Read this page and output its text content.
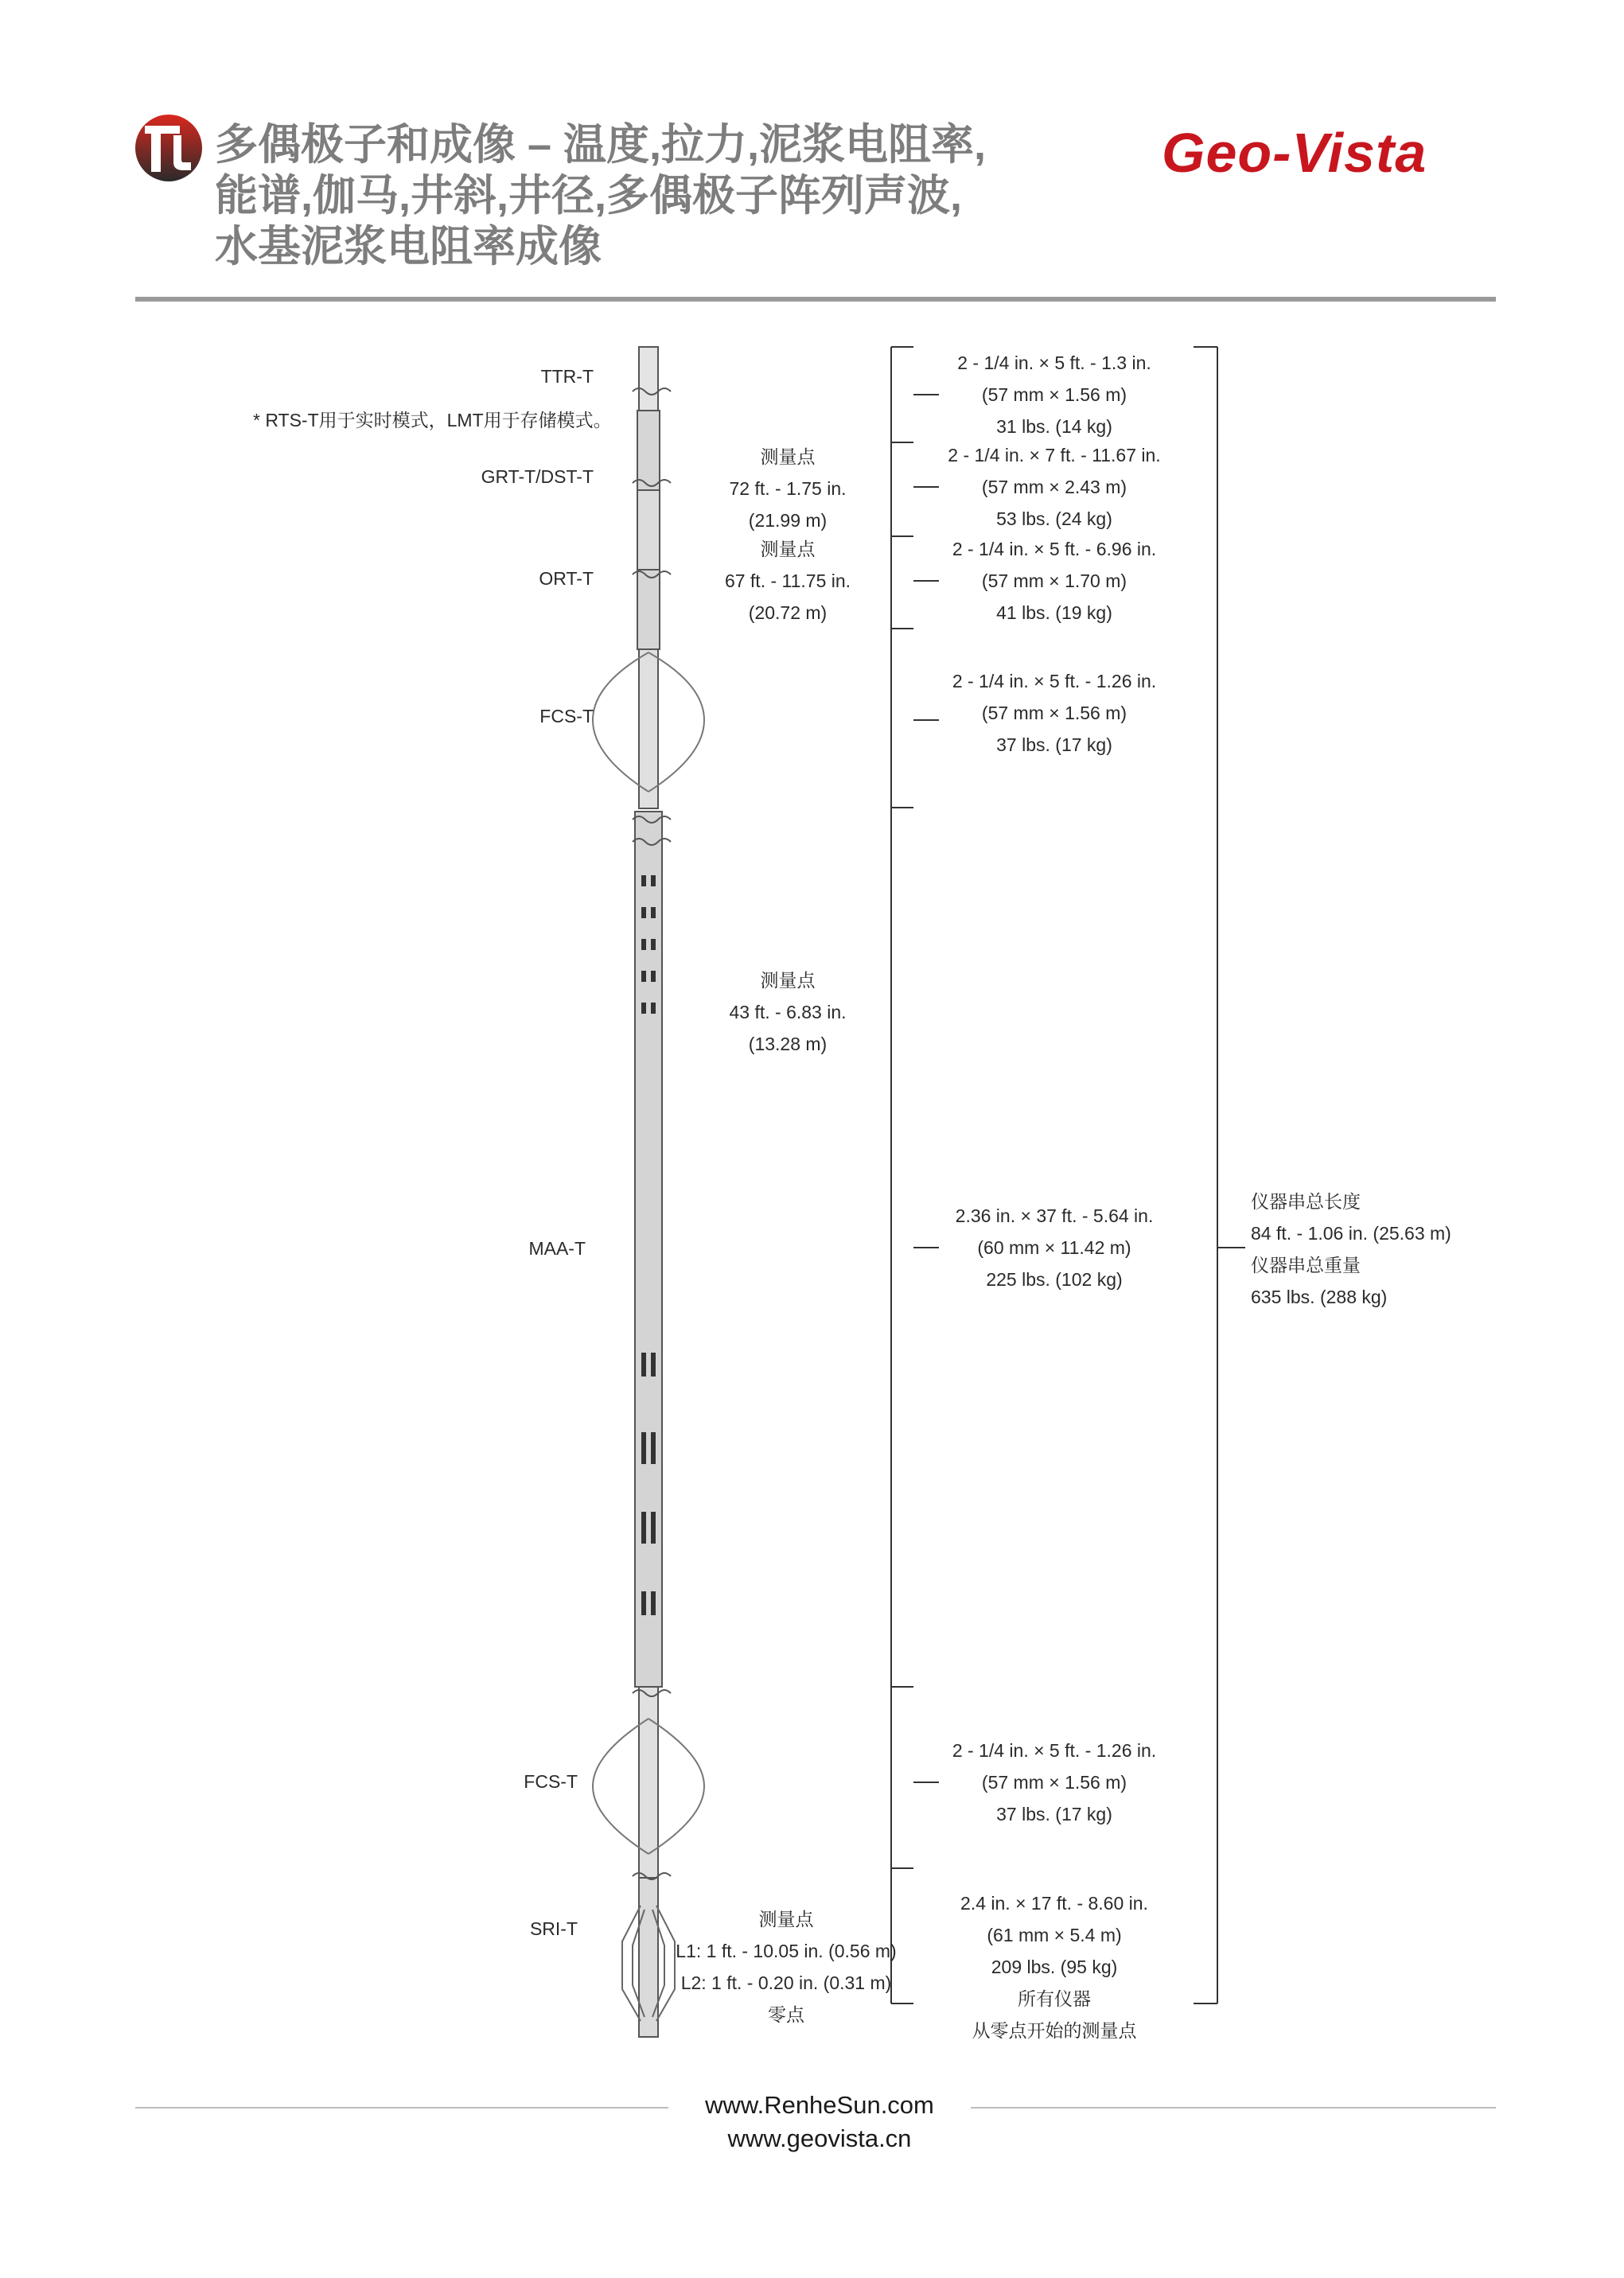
多偶极子和成像 – 温度,拉力,泥浆电阻率,
能谱,伽马,井斜,井径,多偶极子阵列声波,
水基泥浆电阻率成像
Geo-Vista
TTR-T
* RTS-T用于实时模式，LMT用于存储模式。
GRT-T/DST-T
ORT-T
FCS-T
MAA-T
FCS-T
SRI-T
测量点
72 ft. - 1.75 in.
(21.99 m)
测量点
67 ft. - 11.75 in.
(20.72 m)
测量点
43 ft. - 6.83 in.
(13.28 m)
测量点
L1: 1 ft. - 10.05 in. (0.56 m)
L2: 1 ft. - 0.20 in. (0.31 m)
零点
2 - 1/4 in. × 5 ft. - 1.3 in.
(57 mm × 1.56 m)
31 lbs. (14 kg)
2 - 1/4 in. × 7 ft. - 11.67 in.
(57 mm × 2.43 m)
53 lbs. (24 kg)
2 - 1/4 in. × 5 ft. - 6.96 in.
(57 mm × 1.70 m)
41 lbs. (19 kg)
2 - 1/4 in. × 5 ft. - 1.26 in.
(57 mm × 1.56 m)
37 lbs. (17 kg)
2.36 in. × 37 ft. - 5.64 in.
(60 mm × 11.42 m)
225 lbs. (102 kg)
2 - 1/4 in. × 5 ft. - 1.26 in.
(57 mm × 1.56 m)
37 lbs. (17 kg)
2.4 in. × 17 ft. - 8.60 in.
(61 mm × 5.4 m)
209 lbs. (95 kg)
所有仪器
从零点开始的测量点
仪器串总长度
84 ft. - 1.06 in. (25.63 m)
仪器串总重量
635 lbs. (288 kg)
www.RenheSun.com
www.geovista.cn
